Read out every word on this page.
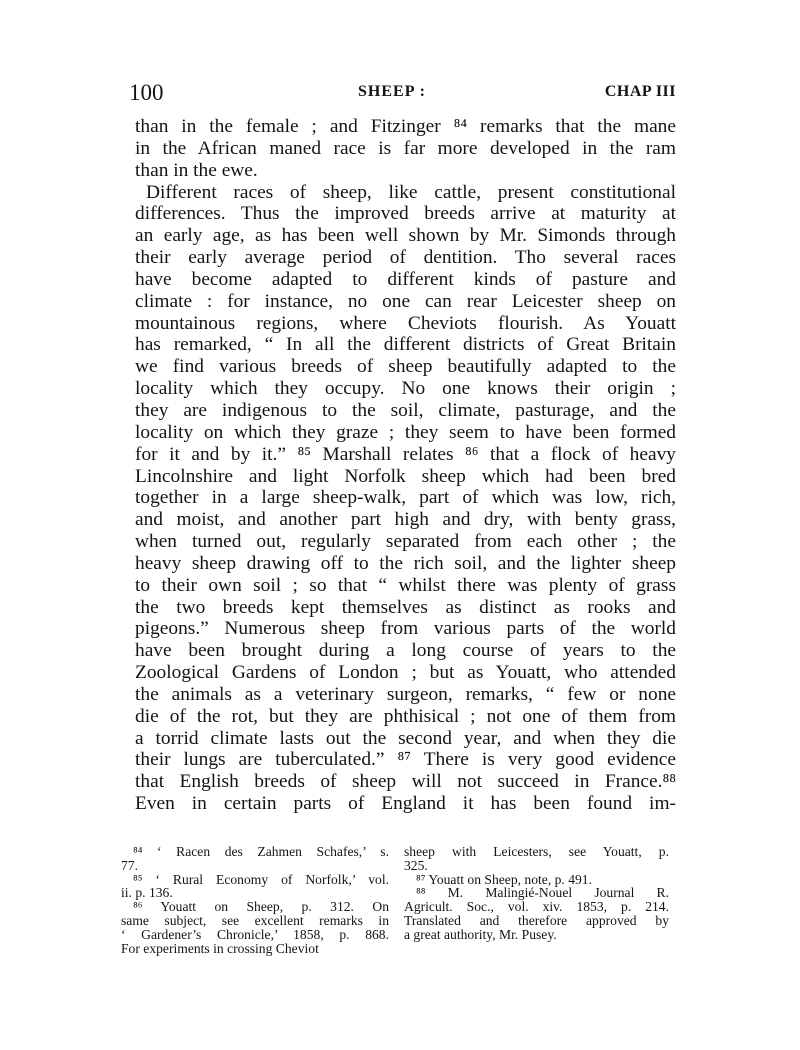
100	SHEEP :	CHAP III
than in the female ; and Fitzinger ⁸⁴ remarks that the mane
in the African maned race is far more developed in the ram
than in the ewe.
Different races of sheep, like cattle, present constitutional
differences. Thus the improved breeds arrive at maturity at
an early age, as has been well shown by Mr. Simonds through
their early average period of dentition. Tho several races
have become adapted to different kinds of pasture and
climate : for instance, no one can rear Leicester sheep on
mountainous regions, where Cheviots flourish. As Youatt
has remarked, “ In all the different districts of Great Britain
we find various breeds of sheep beautifully adapted to the
locality which they occupy. No one knows their origin ;
they are indigenous to the soil, climate, pasturage, and the
locality on which they graze ; they seem to have been formed
for it and by it.” ⁸⁵ Marshall relates ⁸⁶ that a flock of heavy
Lincolnshire and light Norfolk sheep which had been bred
together in a large sheep-walk, part of which was low, rich,
and moist, and another part high and dry, with benty grass,
when turned out, regularly separated from each other ; the
heavy sheep drawing off to the rich soil, and the lighter sheep
to their own soil ; so that “ whilst there was plenty of grass
the two breeds kept themselves as distinct as rooks and
pigeons.” Numerous sheep from various parts of the world
have been brought during a long course of years to the
Zoological Gardens of London ; but as Youatt, who attended
the animals as a veterinary surgeon, remarks, “ few or none
die of the rot, but they are phthisical ; not one of them from
a torrid climate lasts out the second year, and when they die
their lungs are tuberculated.” ⁸⁷ There is very good evidence
that English breeds of sheep will not succeed in France.⁸⁸
Even in certain parts of England it has been found im-
⁸⁴ ‘ Racen des Zahmen Schafes,’ s.
77.
⁸⁵ ‘ Rural Economy of Norfolk,’ vol.
ii. p. 136.
⁸⁶ Youatt on Sheep, p. 312. On
same subject, see excellent remarks in
‘ Gardener’s Chronicle,’ 1858, p. 868.
For experiments in crossing Cheviot
sheep with Leicesters, see Youatt, p.
325.
⁸⁷ Youatt on Sheep, note, p. 491.
⁸⁸ M. Malingié-Nouel Journal R.
Agricult. Soc., vol. xiv. 1853, p. 214.
Translated and therefore approved by
a great authority, Mr. Pusey.
